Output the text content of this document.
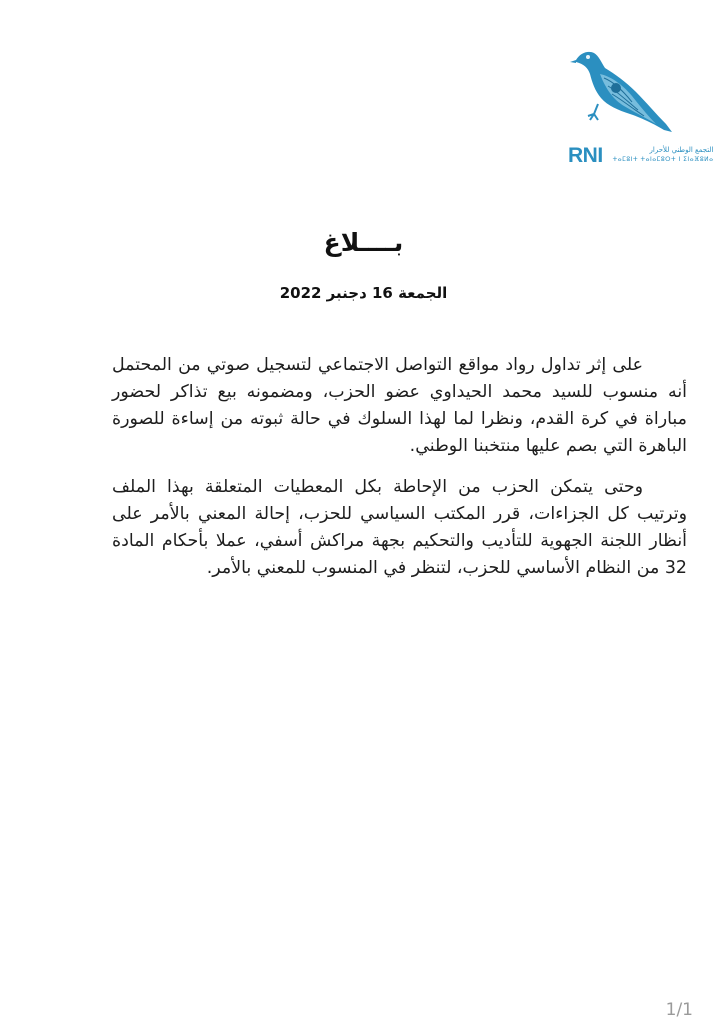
RNI	التجمع الوطني للأحرار
ⵜⴰⵎⵓⵏⵜ ⵜⴰⵏⴰⵎⵓⵔⵜ ⵏ ⵉⵏⴰⴼⵓⵍⴰ
بــــلاغ
الجمعة 16 دجنبر 2022

على إثر تداول رواد مواقع التواصل الاجتماعي لتسجيل صوتي من المحتمل أنه منسوب للسيد محمد الحيداوي عضو الحزب، ومضمونه بيع تذاكر لحضور مباراة في كرة القدم، ونظرا لما لهذا السلوك في حالة ثبوته من إساءة للصورة الباهرة التي بصم عليها منتخبنا الوطني.

وحتى يتمكن الحزب من الإحاطة بكل المعطيات المتعلقة بهذا الملف وترتيب كل الجزاءات، قرر المكتب السياسي للحزب، إحالة المعني بالأمر على أنظار اللجنة الجهوية للتأديب والتحكيم بجهة مراكش أسفي، عملا بأحكام المادة 32 من النظام الأساسي للحزب، لتنظر في المنسوب للمعني بالأمر.

1/1
